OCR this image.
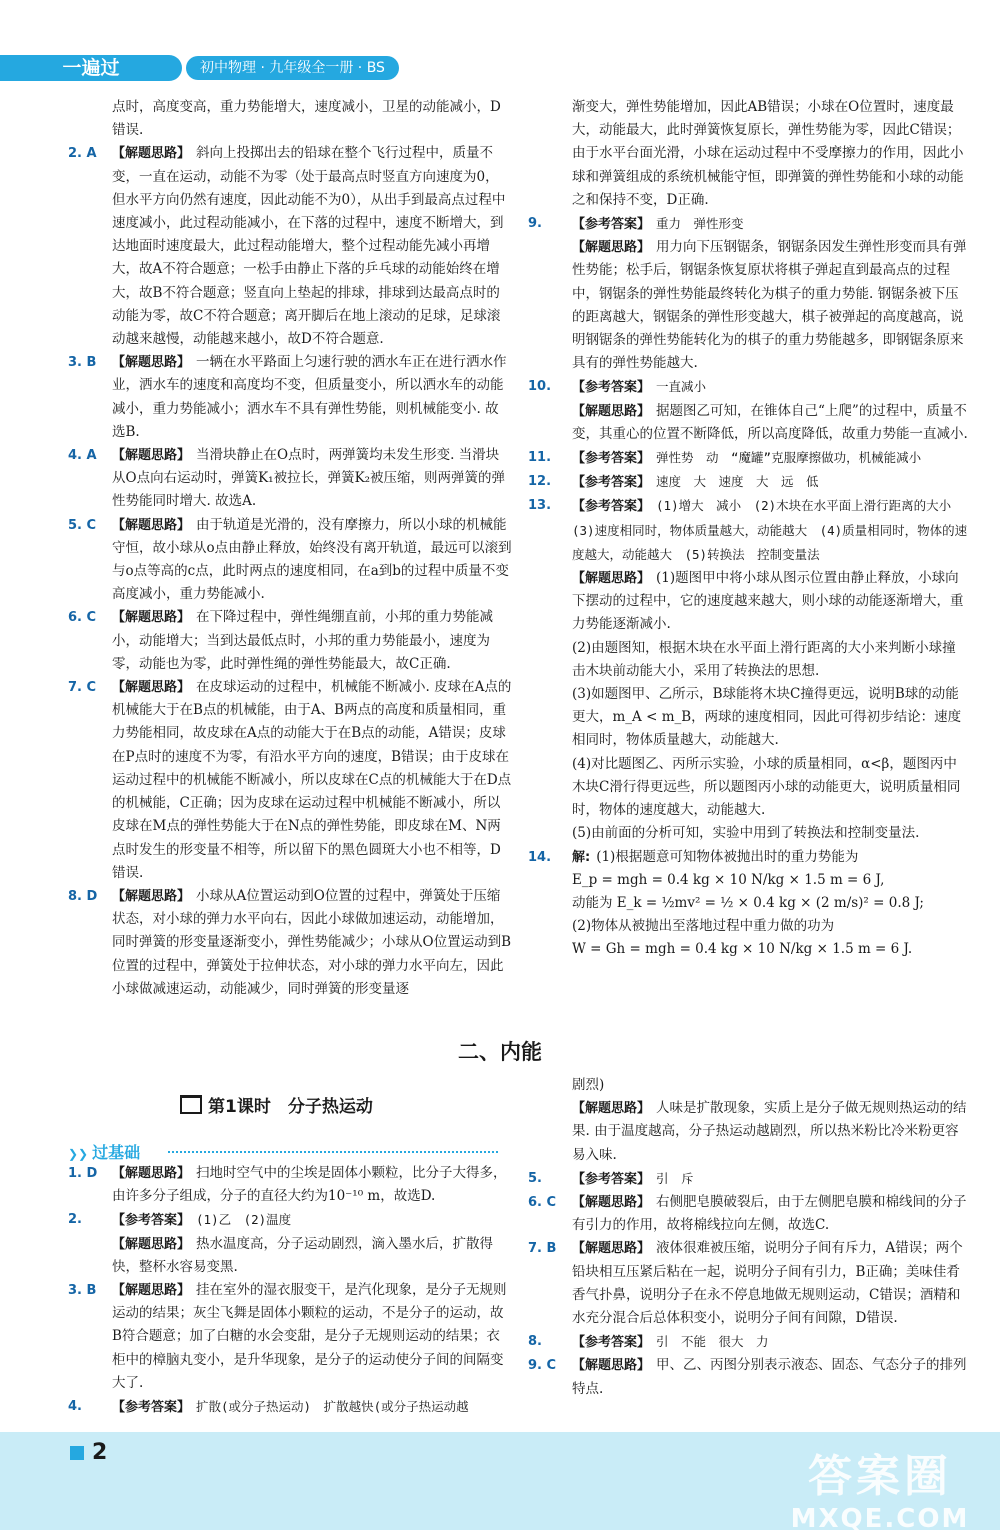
一遍过	初中物理 · 九年级全一册 · BS

点时，高度变高，重力势能增大，速度减小，卫星的动能减小，D 错误.

2. A 【解题思路】 斜向上投掷出去的铅球在整个飞行过程中，质量不变，一直在运动，动能不为零（处于最高点时竖直方向速度为0，但水平方向仍然有速度，因此动能不为0），从出手到最高点过程中速度减小，此过程动能减小，在下落的过程中，速度不断增大，到达地面时速度最大，此过程动能增大，整个过程动能先减小再增大，故A不符合题意；一松手由静止下落的乒乓球的动能始终在增大，故B不符合题意；竖直向上垫起的排球，排球到达最高点时的动能为零，故C不符合题意；离开脚后在地上滚动的足球，足球滚动越来越慢，动能越来越小，故D不符合题意.

3. B 【解题思路】 一辆在水平路面上匀速行驶的洒水车正在进行洒水作业，洒水车的速度和高度均不变，但质量变小，所以洒水车的动能减小，重力势能减小；洒水车不具有弹性势能，则机械能变小. 故选B.

4. A 【解题思路】 当滑块静止在O点时，两弹簧均未发生形变. 当滑块从O点向右运动时，弹簧K₁被拉长，弹簧K₂被压缩，则两弹簧的弹性势能同时增大. 故选A.

5. C 【解题思路】 由于轨道是光滑的，没有摩擦力，所以小球的机械能守恒，故小球从o点由静止释放，始终没有离开轨道，最远可以滚到与o点等高的c点，此时两点的速度相同，在a到b的过程中质量不变高度减小，重力势能减小.

6. C 【解题思路】 在下降过程中，弹性绳绷直前，小邦的重力势能减小，动能增大；当到达最低点时，小邦的重力势能最小，速度为零，动能也为零，此时弹性绳的弹性势能最大，故C正确.

7. C 【解题思路】 在皮球运动的过程中，机械能不断减小. 皮球在A点的机械能大于在B点的机械能，由于A、B两点的高度和质量相同，重力势能相同，故皮球在A点的动能大于在B点的动能，A错误；皮球在P点时的速度不为零，有沿水平方向的速度，B错误；由于皮球在运动过程中的机械能不断减小，所以皮球在C点的机械能大于在D点的机械能，C正确；因为皮球在运动过程中机械能不断减小，所以皮球在M点的弹性势能大于在N点的弹性势能，即皮球在M、N两点时发生的形变量不相等，所以留下的黑色圆斑大小也不相等，D错误.

8. D 【解题思路】 小球从A位置运动到O位置的过程中，弹簧处于压缩状态，对小球的弹力水平向右，因此小球做加速运动，动能增加，同时弹簧的形变量逐渐变小，弹性势能减少；小球从O位置运动到B位置的过程中，弹簧处于拉伸状态，对小球的弹力水平向左，因此小球做减速运动，动能减少，同时弹簧的形变量逐

渐变大，弹性势能增加，因此AB错误；小球在O位置时，速度最大，动能最大，此时弹簧恢复原长，弹性势能为零，因此C错误；由于水平台面光滑，小球在运动过程中不受摩擦力的作用，因此小球和弹簧组成的系统机械能守恒，即弹簧的弹性势能和小球的动能之和保持不变，D正确.

9. 【参考答案】 重力　弹性形变
【解题思路】 用力向下压钢锯条，钢锯条因发生弹性形变而具有弹性势能；松手后，钢锯条恢复原状将棋子弹起直到最高点的过程中，钢锯条的弹性势能最终转化为棋子的重力势能. 钢锯条被下压的距离越大，钢锯条的弹性形变越大，棋子被弹起的高度越高，说明钢锯条的弹性势能转化为的棋子的重力势能越多，即钢锯条原来具有的弹性势能越大.

10. 【参考答案】 一直减小
【解题思路】 据题图乙可知，在锥体自己“上爬”的过程中，质量不变，其重心的位置不断降低，所以高度降低，故重力势能一直减小.

11. 【参考答案】 弹性势　动　“魔罐”克服摩擦做功，机械能减小

12. 【参考答案】 速度　大　速度　大　远　低

13. 【参考答案】 (1)增大　减小　(2)木块在水平面上滑行距离的大小　(3)速度相同时，物体质量越大，动能越大　(4)质量相同时，物体的速度越大，动能越大　(5)转换法　控制变量法
【解题思路】 (1)题图甲中将小球从图示位置由静止释放，小球向下摆动的过程中，它的速度越来越大，则小球的动能逐渐增大，重力势能逐渐减小.

(2)由题图知，根据木块在水平面上滑行距离的大小来判断小球撞击木块前动能大小，采用了转换法的思想.

(3)如题图甲、乙所示，B球能将木块C撞得更远，说明B球的动能更大，m_A < m_B，两球的速度相同，因此可得初步结论：速度相同时，物体质量越大，动能越大.

(4)对比题图乙、丙所示实验，小球的质量相同，α<β，题图丙中木块C滑行得更远些，所以题图丙小球的动能更大，说明质量相同时，物体的速度越大，动能越大.

(5)由前面的分析可知，实验中用到了转换法和控制变量法.

14. 解: (1)根据题意可知物体被抛出时的重力势能为

E_p = mgh = 0.4 kg × 10 N/kg × 1.5 m = 6 J,

动能为 E_k = ½mv² = ½ × 0.4 kg × (2 m/s)² = 0.8 J;

(2)物体从被抛出至落地过程中重力做的功为

W = Gh = mgh = 0.4 kg × 10 N/kg × 1.5 m = 6 J.

二、内能
第1课时　分子热运动
❯❯ 过基础

1. D 【解题思路】 扫地时空气中的尘埃是固体小颗粒，比分子大得多，由许多分子组成，分子的直径大约为10⁻¹⁰ m，故选D.

2. 【参考答案】 (1)乙　(2)温度
【解题思路】 热水温度高，分子运动剧烈，滴入墨水后，扩散得快，整杯水容易变黑.

3. B 【解题思路】 挂在室外的湿衣服变干，是汽化现象，是分子无规则运动的结果；灰尘飞舞是固体小颗粒的运动，不是分子的运动，故B符合题意；加了白糖的水会变甜，是分子无规则运动的结果；衣柜中的樟脑丸变小，是升华现象，是分子的运动使分子间的间隔变大了.

4. 【参考答案】 扩散(或分子热运动)　扩散越快(或分子热运动越

剧烈)

【解题思路】 人味是扩散现象，实质上是分子做无规则热运动的结果. 由于温度越高，分子热运动越剧烈，所以热米粉比冷米粉更容易入味.

5. 【参考答案】 引　斥

6. C 【解题思路】 右侧肥皂膜破裂后，由于左侧肥皂膜和棉线间的分子有引力的作用，故将棉线拉向左侧，故选C.

7. B 【解题思路】 液体很难被压缩，说明分子间有斥力，A错误；两个铅块相互压紧后粘在一起，说明分子间有引力，B正确；美味佳肴香气扑鼻，说明分子在永不停息地做无规则运动，C错误；酒精和水充分混合后总体积变小，说明分子间有间隙，D错误.

8. 【参考答案】 引　不能　很大　力

9. C 【解题思路】 甲、乙、丙图分别表示液态、固态、气态分子的排列特点.

2	答案圈
MXQE.COM
